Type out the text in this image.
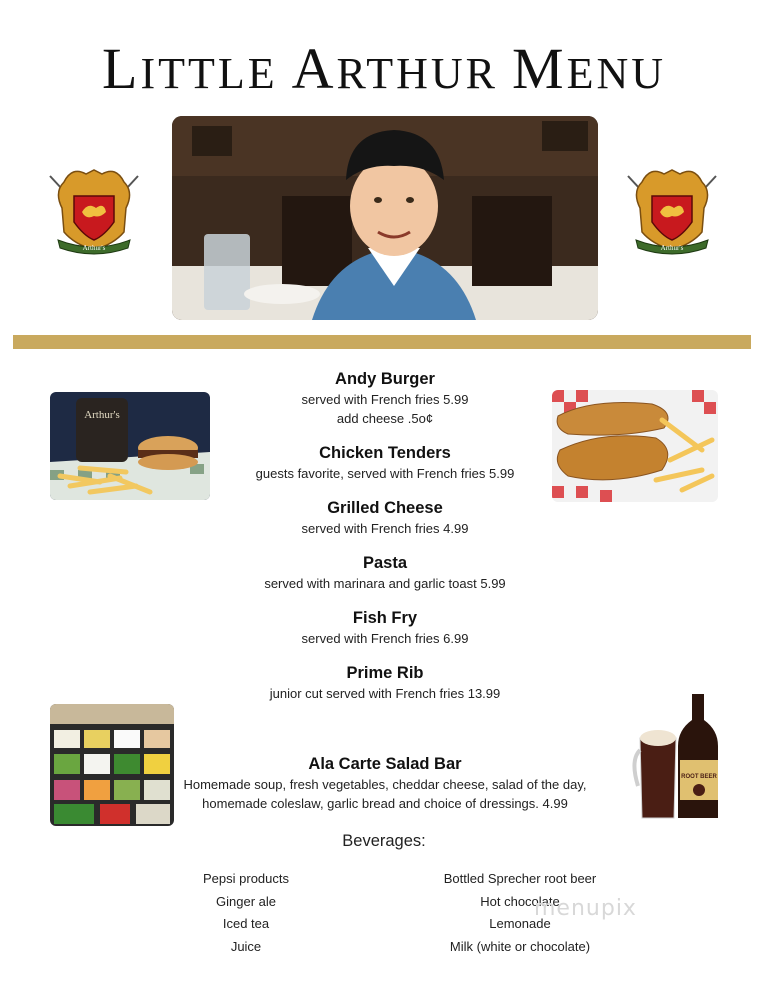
LITTLE ARTHUR MENU
Arthur's	Arthur's
Arthur's
ROOT BEER
Andy Burger
served with French fries 5.99
add cheese .5o¢
Chicken Tenders
guests favorite, served with French fries 5.99
Grilled Cheese
served with French fries 4.99
Pasta
served with marinara and garlic toast 5.99
Fish Fry
served with French fries 6.99
Prime Rib
junior cut served with French fries 13.99
Ala Carte Salad Bar
Homemade soup, fresh vegetables, cheddar cheese, salad of the day,
homemade coleslaw, garlic bread and choice of dressings. 4.99
Beverages:
Pepsi products
Ginger ale
Iced tea
Juice
Bottled Sprecher root beer
Hot chocolate
Lemonade
Milk (white or chocolate)
menupix
